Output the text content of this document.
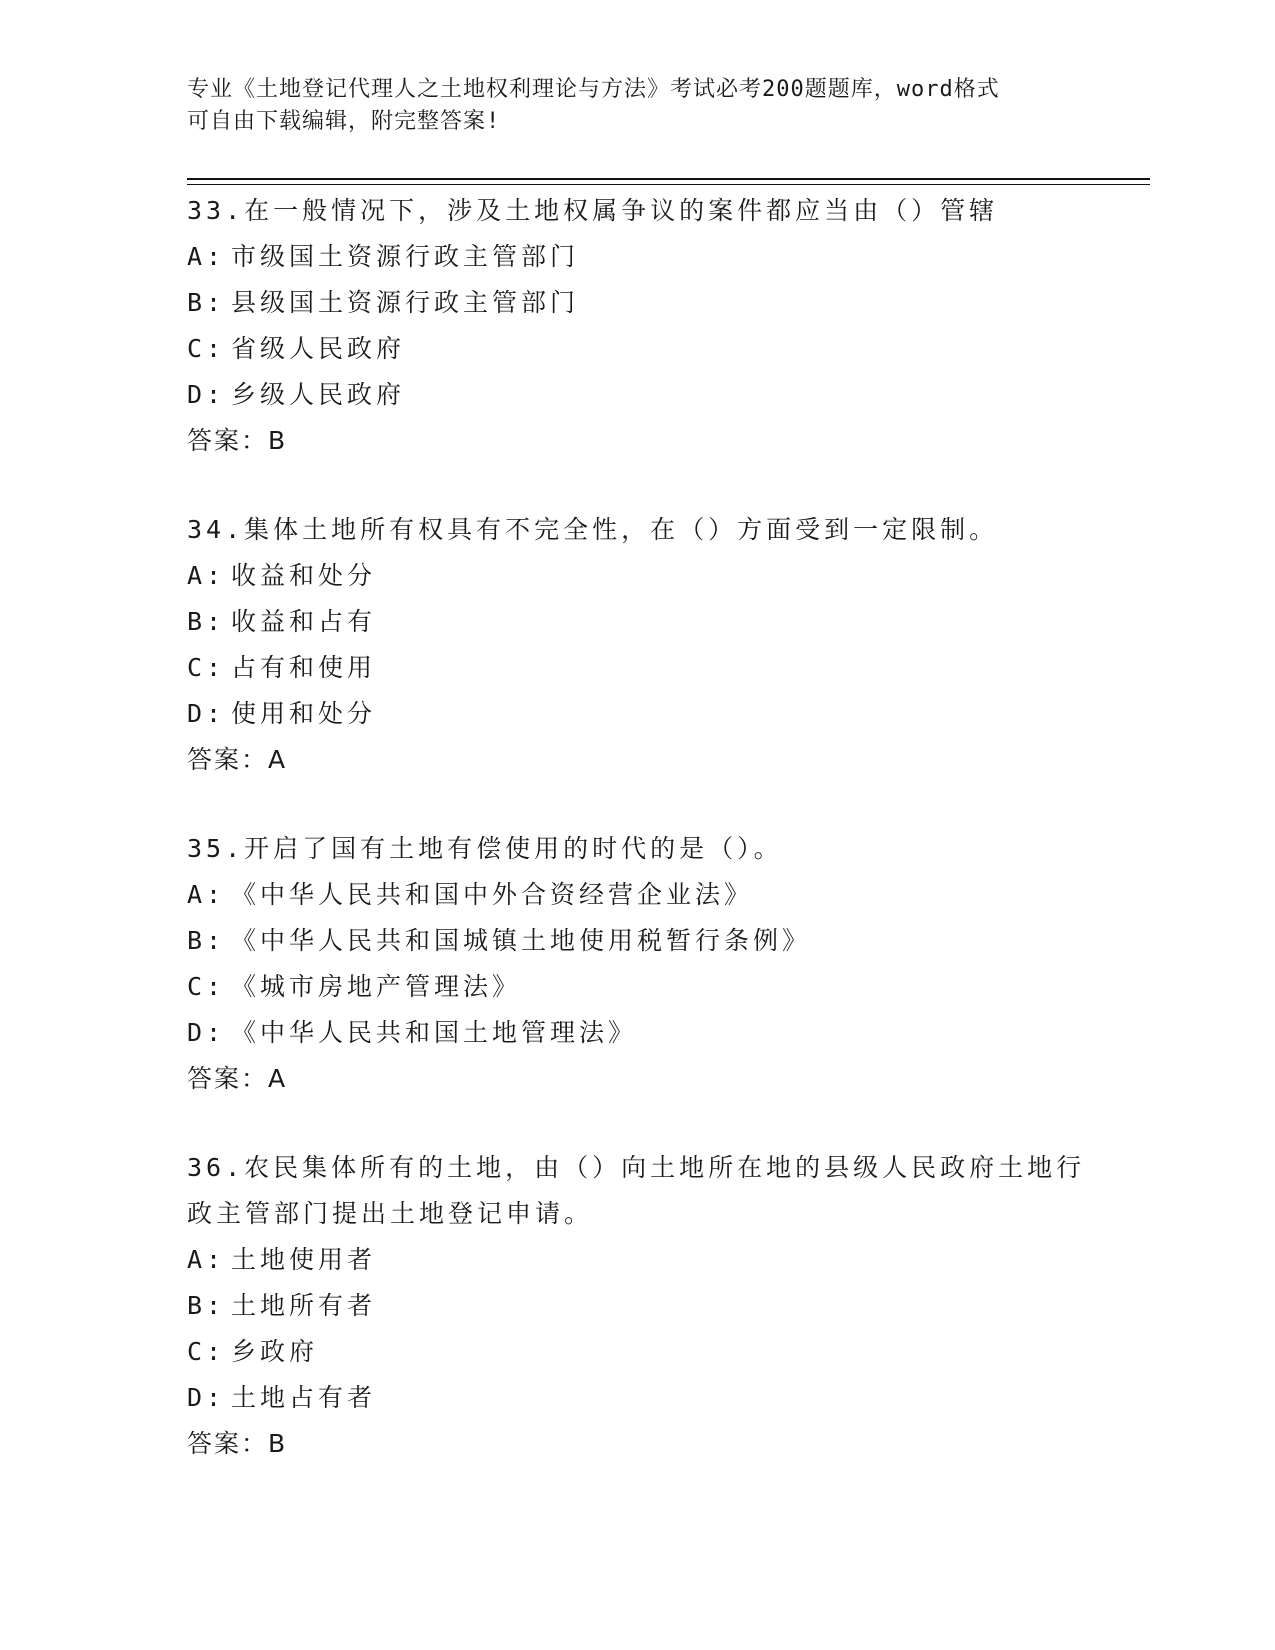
专业《土地登记代理人之土地权利理论与方法》考试必考200题题库，word格式
可自由下载编辑，附完整答案!
33.在一般情况下，涉及土地权属争议的案件都应当由（）管辖
A: 市级国土资源行政主管部门
B: 县级国土资源行政主管部门
C: 省级人民政府
D: 乡级人民政府
答案：B
34.集体土地所有权具有不完全性，在（）方面受到一定限制。
A: 收益和处分
B: 收益和占有
C: 占有和使用
D: 使用和处分
答案：A
35.开启了国有土地有偿使用的时代的是（）。
A: 《中华人民共和国中外合资经营企业法》
B: 《中华人民共和国城镇土地使用税暂行条例》
C: 《城市房地产管理法》
D: 《中华人民共和国土地管理法》
答案：A
36.农民集体所有的土地，由（）向土地所在地的县级人民政府土地行政主管部门提出土地登记申请。
A: 土地使用者
B: 土地所有者
C: 乡政府
D: 土地占有者
答案：B
